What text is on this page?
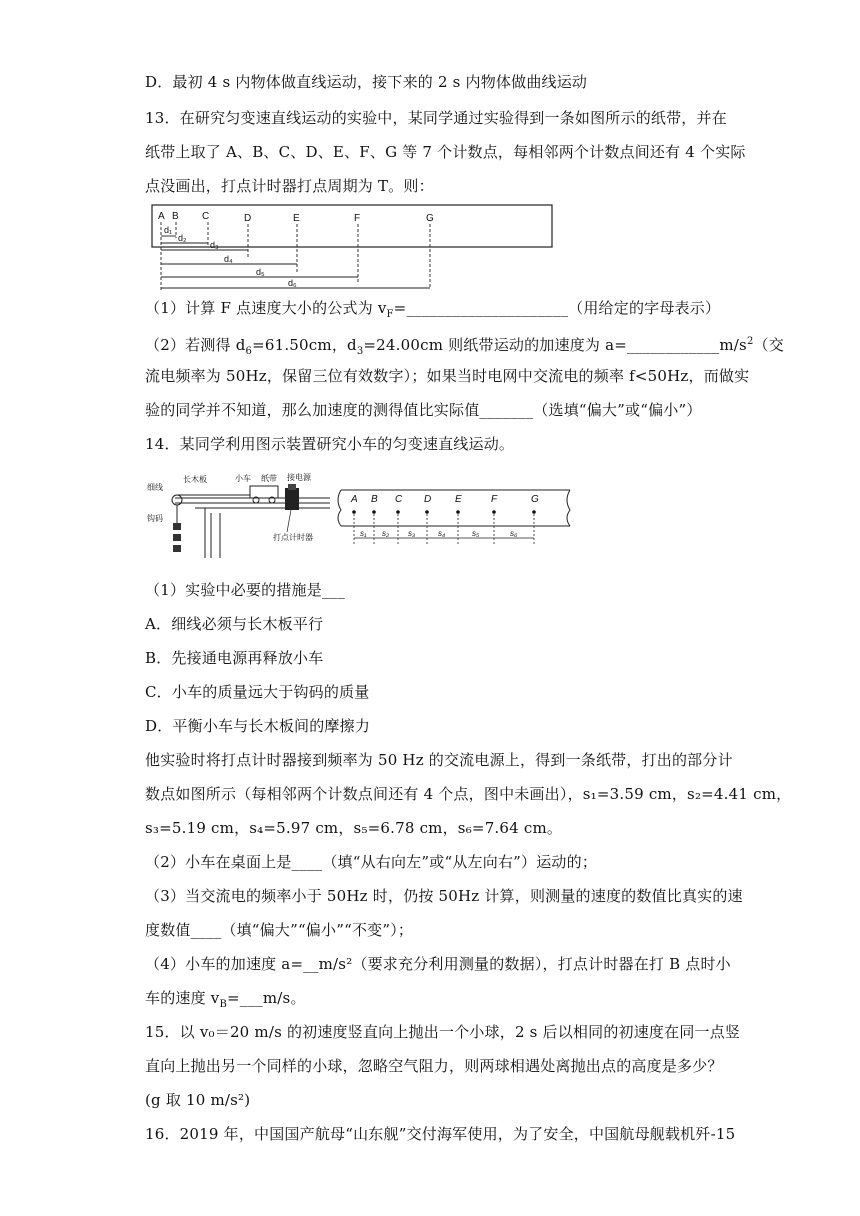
D．最初 4 s 内物体做直线运动，接下来的 2 s 内物体做曲线运动
13．在研究匀变速直线运动的实验中，某同学通过实验得到一条如图所示的纸带，并在
纸带上取了 A、B、C、D、E、F、G 等 7 个计数点，每相邻两个计数点间还有 4 个实际
点没画出，打点计时器打点周期为 T。则：
A B C	D	E	F	G
d₁
d₂
d₃
d₄
d₅
d₆
（1）计算 F 点速度大小的公式为 $v_F=\_\_\_\_\_\_\_\_\_\_\_\_\_\_\_\_\_\_\_\_\_$（用给定的字母表示）
（2）若测得 $d_6=61.50cm$，$d_3=24.00cm$ 则纸带运动的加速度为 $a=\_\_\_\_\_\_\_\_\_\_\_\_m/s^2$（交
流电频率为 50Hz，保留三位有效数字）；如果当时电网中交流电的频率 f<50Hz，而做实
验的同学并不知道，那么加速度的测得值比实际值_______（选填“偏大”或“偏小”）
14．某同学利用图示装置研究小车的匀变速直线运动。
细线
长木板	小车 纸带 接电源
钩码
打点计时器
A B C D E	F	G
s₁ s₂ s₃	s₄	s₅	s₆
（1）实验中必要的措施是___
A．细线必须与长木板平行
B．先接通电源再释放小车
C．小车的质量远大于钩码的质量
D．平衡小车与长木板间的摩擦力
他实验时将打点计时器接到频率为 50 Hz 的交流电源上，得到一条纸带，打出的部分计
数点如图所示（每相邻两个计数点间还有 4 个点，图中未画出），s₁=3.59 cm，s₂=4.41 cm，
s₃=5.19 cm，s₄=5.97 cm，s₅=6.78 cm，s₆=7.64 cm。
（2）小车在桌面上是____（填“从右向左”或“从左向右”）运动的；
（3）当交流电的频率小于 50Hz 时，仍按 50Hz 计算，则测量的速度的数值比真实的速
度数值____（填“偏大”“偏小”“不变”）；
（4）小车的加速度 a=__m/s²（要求充分利用测量的数据），打点计时器在打 B 点时小
车的速度 $v_B=\_\_\_m/s$。
15．以 v₀＝20 m/s 的初速度竖直向上抛出一个小球，2 s 后以相同的初速度在同一点竖
直向上抛出另一个同样的小球，忽略空气阻力，则两球相遇处离抛出点的高度是多少？
(g 取 10 m/s²)
16．2019 年，中国国产航母“山东舰”交付海军使用，为了安全，中国航母舰载机歼-15
